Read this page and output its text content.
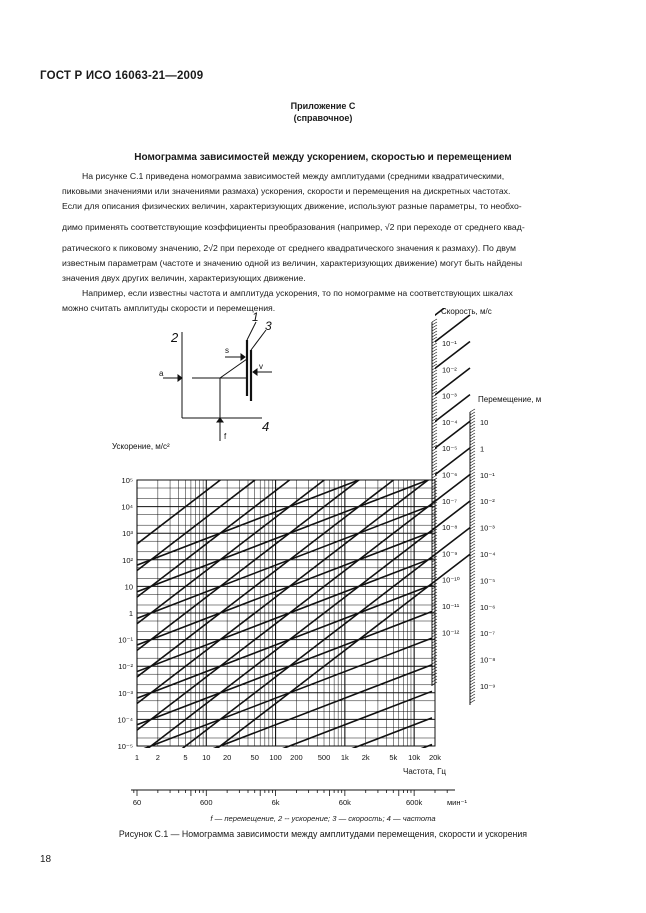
ГОСТ Р ИСО 16063-21—2009
Приложение С
(справочное)
Номограмма зависимостей между ускорением, скоростью и перемещением
На рисунке С.1 приведена номограмма зависимостей между амплитудами (средними квадратическими,
пиковыми значениями или значениями размаха) ускорения, скорости и перемещения на дискретных частотах.
Если для описания физических величин, характеризующих движение, используют разные параметры, то необхо-
димо применять соответствующие коэффициенты преобразования (например, √2 при переходе от среднего квад-
ратического к пиковому значению, 2√2 при переходе от среднего квадратического значения к размаху). По двум
известным параметрам (частоте и значению одной из величин, характеризующих движение) могут быть найдены
значения двух других величин, характеризующих движение.
Например, если известны частота и амплитуда ускорения, то по номограмме на соответствующих шкалах
можно считать амплитуды скорости и перемещения.
2
1
3
4
a
s
v
f
10⁻¹
10⁻²
10⁻³
10⁻⁴
10⁻⁵
10⁻⁶
10⁻⁷
10⁻⁸
10⁻⁹
10⁻¹⁰
10⁻¹¹
10⁻¹²
10
1
10⁻¹
10⁻²
10⁻³
10⁻⁴
10⁻⁵
10⁻⁶
10⁻⁷
10⁻⁸
10⁻⁹
10⁵
10⁴
10³
10²
10
1
10⁻¹
10⁻²
10⁻³
10⁻⁴
10⁻⁵
1 2	5 10 20	50 100 200 500 1k 2k	5k 10k 20k
Ускорение, м/с²
Частота, Гц
Скорость, м/с
Перемещение, м
60	600	6k	60k	600k	мин⁻¹
f — перемещение, 2 -- ускорение; 3 — скорость; 4 — частота
Рисунок С.1 — Номограмма зависимости между амплитудами перемещения, скорости и ускорения
18
